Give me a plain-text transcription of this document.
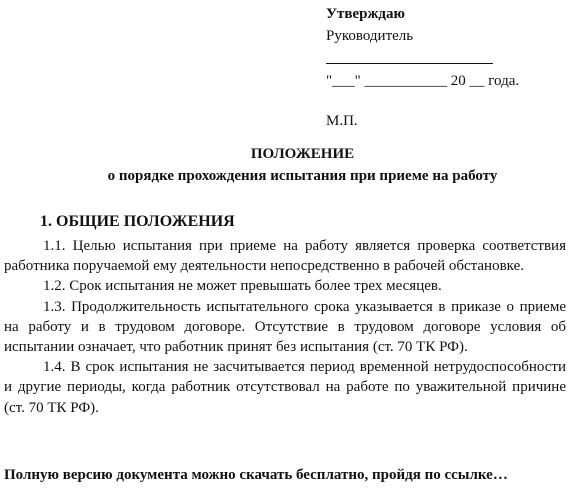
Утверждаю
Руководитель
"___" ___________ 20 __ года.
М.П.
ПОЛОЖЕНИЕ
о порядке прохождения испытания при приеме на работу
1. ОБЩИЕ ПОЛОЖЕНИЯ

1.1. Целью испытания при приеме на работу является проверка соответствия работника поручаемой ему деятельности непосредственно в рабочей обстановке.

1.2. Срок испытания не может превышать более трех месяцев.

1.3. Продолжительность испытательного срока указывается в приказе о приеме на работу и в трудовом договоре. Отсутствие в трудовом договоре условия об испытании означает, что работник принят без испытания (ст. 70 ТК РФ).

1.4. В срок испытания не засчитывается период временной нетрудоспособности и другие периоды, когда работник отсутствовал на работе по уважительной причине (ст. 70 ТК РФ).

Полную версию документа можно скачать бесплатно, пройдя по ссылке…
